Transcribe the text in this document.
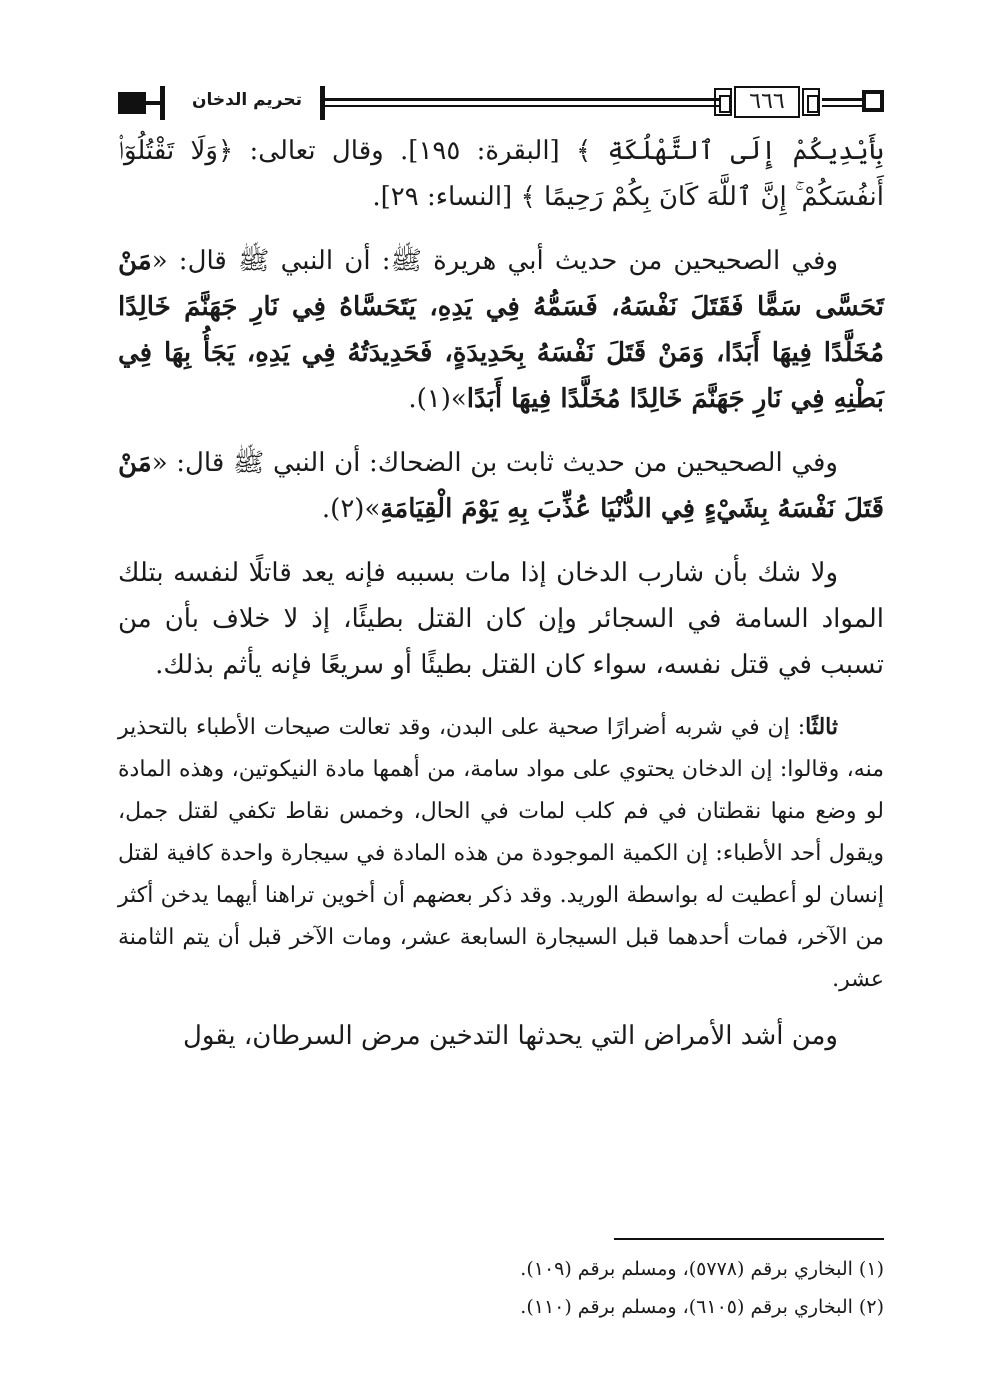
تحريم الدخان	٦٦٦

بِأَيْدِيكُمْ إِلَى ٱلتَّهْلُكَةِ ﴾ [البقرة: ١٩٥]. وقال تعالى: ﴿وَلَا تَقْتُلُوٓا۟ أَنفُسَكُمْ ۚ إِنَّ ٱللَّهَ كَانَ بِكُمْ رَحِيمًا ﴾ [النساء: ٢٩].

وفي الصحيحين من حديث أبي هريرة ﷺ: أن النبي ﷺ قال: «مَنْ تَحَسَّى سَمًّا فَقَتَلَ نَفْسَهُ، فَسَمُّهُ فِي يَدِهِ، يَتَحَسَّاهُ فِي نَارِ جَهَنَّمَ خَالِدًا مُخَلَّدًا فِيهَا أَبَدًا، وَمَنْ قَتَلَ نَفْسَهُ بِحَدِيدَةٍ، فَحَدِيدَتُهُ فِي يَدِهِ، يَجَأُ بِهَا فِي بَطْنِهِ فِي نَارِ جَهَنَّمَ خَالِدًا مُخَلَّدًا فِيهَا أَبَدًا»(١).

وفي الصحيحين من حديث ثابت بن الضحاك: أن النبي ﷺ قال: «مَنْ قَتَلَ نَفْسَهُ بِشَيْءٍ فِي الدُّنْيَا عُذِّبَ بِهِ يَوْمَ الْقِيَامَةِ»(٢).

ولا شك بأن شارب الدخان إذا مات بسببه فإنه يعد قاتلًا لنفسه بتلك المواد السامة في السجائر وإن كان القتل بطيئًا، إذ لا خلاف بأن من تسبب في قتل نفسه، سواء كان القتل بطيئًا أو سريعًا فإنه يأثم بذلك.

ثالثًا: إن في شربه أضرارًا صحية على البدن، وقد تعالت صيحات الأطباء بالتحذير منه، وقالوا: إن الدخان يحتوي على مواد سامة، من أهمها مادة النيكوتين، وهذه المادة لو وضع منها نقطتان في فم كلب لمات في الحال، وخمس نقاط تكفي لقتل جمل، ويقول أحد الأطباء: إن الكمية الموجودة من هذه المادة في سيجارة واحدة كافية لقتل إنسان لو أعطيت له بواسطة الوريد. وقد ذكر بعضهم أن أخوين تراهنا أيهما يدخن أكثر من الآخر، فمات أحدهما قبل السيجارة السابعة عشر، ومات الآخر قبل أن يتم الثامنة عشر.

ومن أشد الأمراض التي يحدثها التدخين مرض السرطان، يقول

(١) البخاري برقم (٥٧٧٨)، ومسلم برقم (١٠٩).
(٢) البخاري برقم (٦١٠٥)، ومسلم برقم (١١٠).
